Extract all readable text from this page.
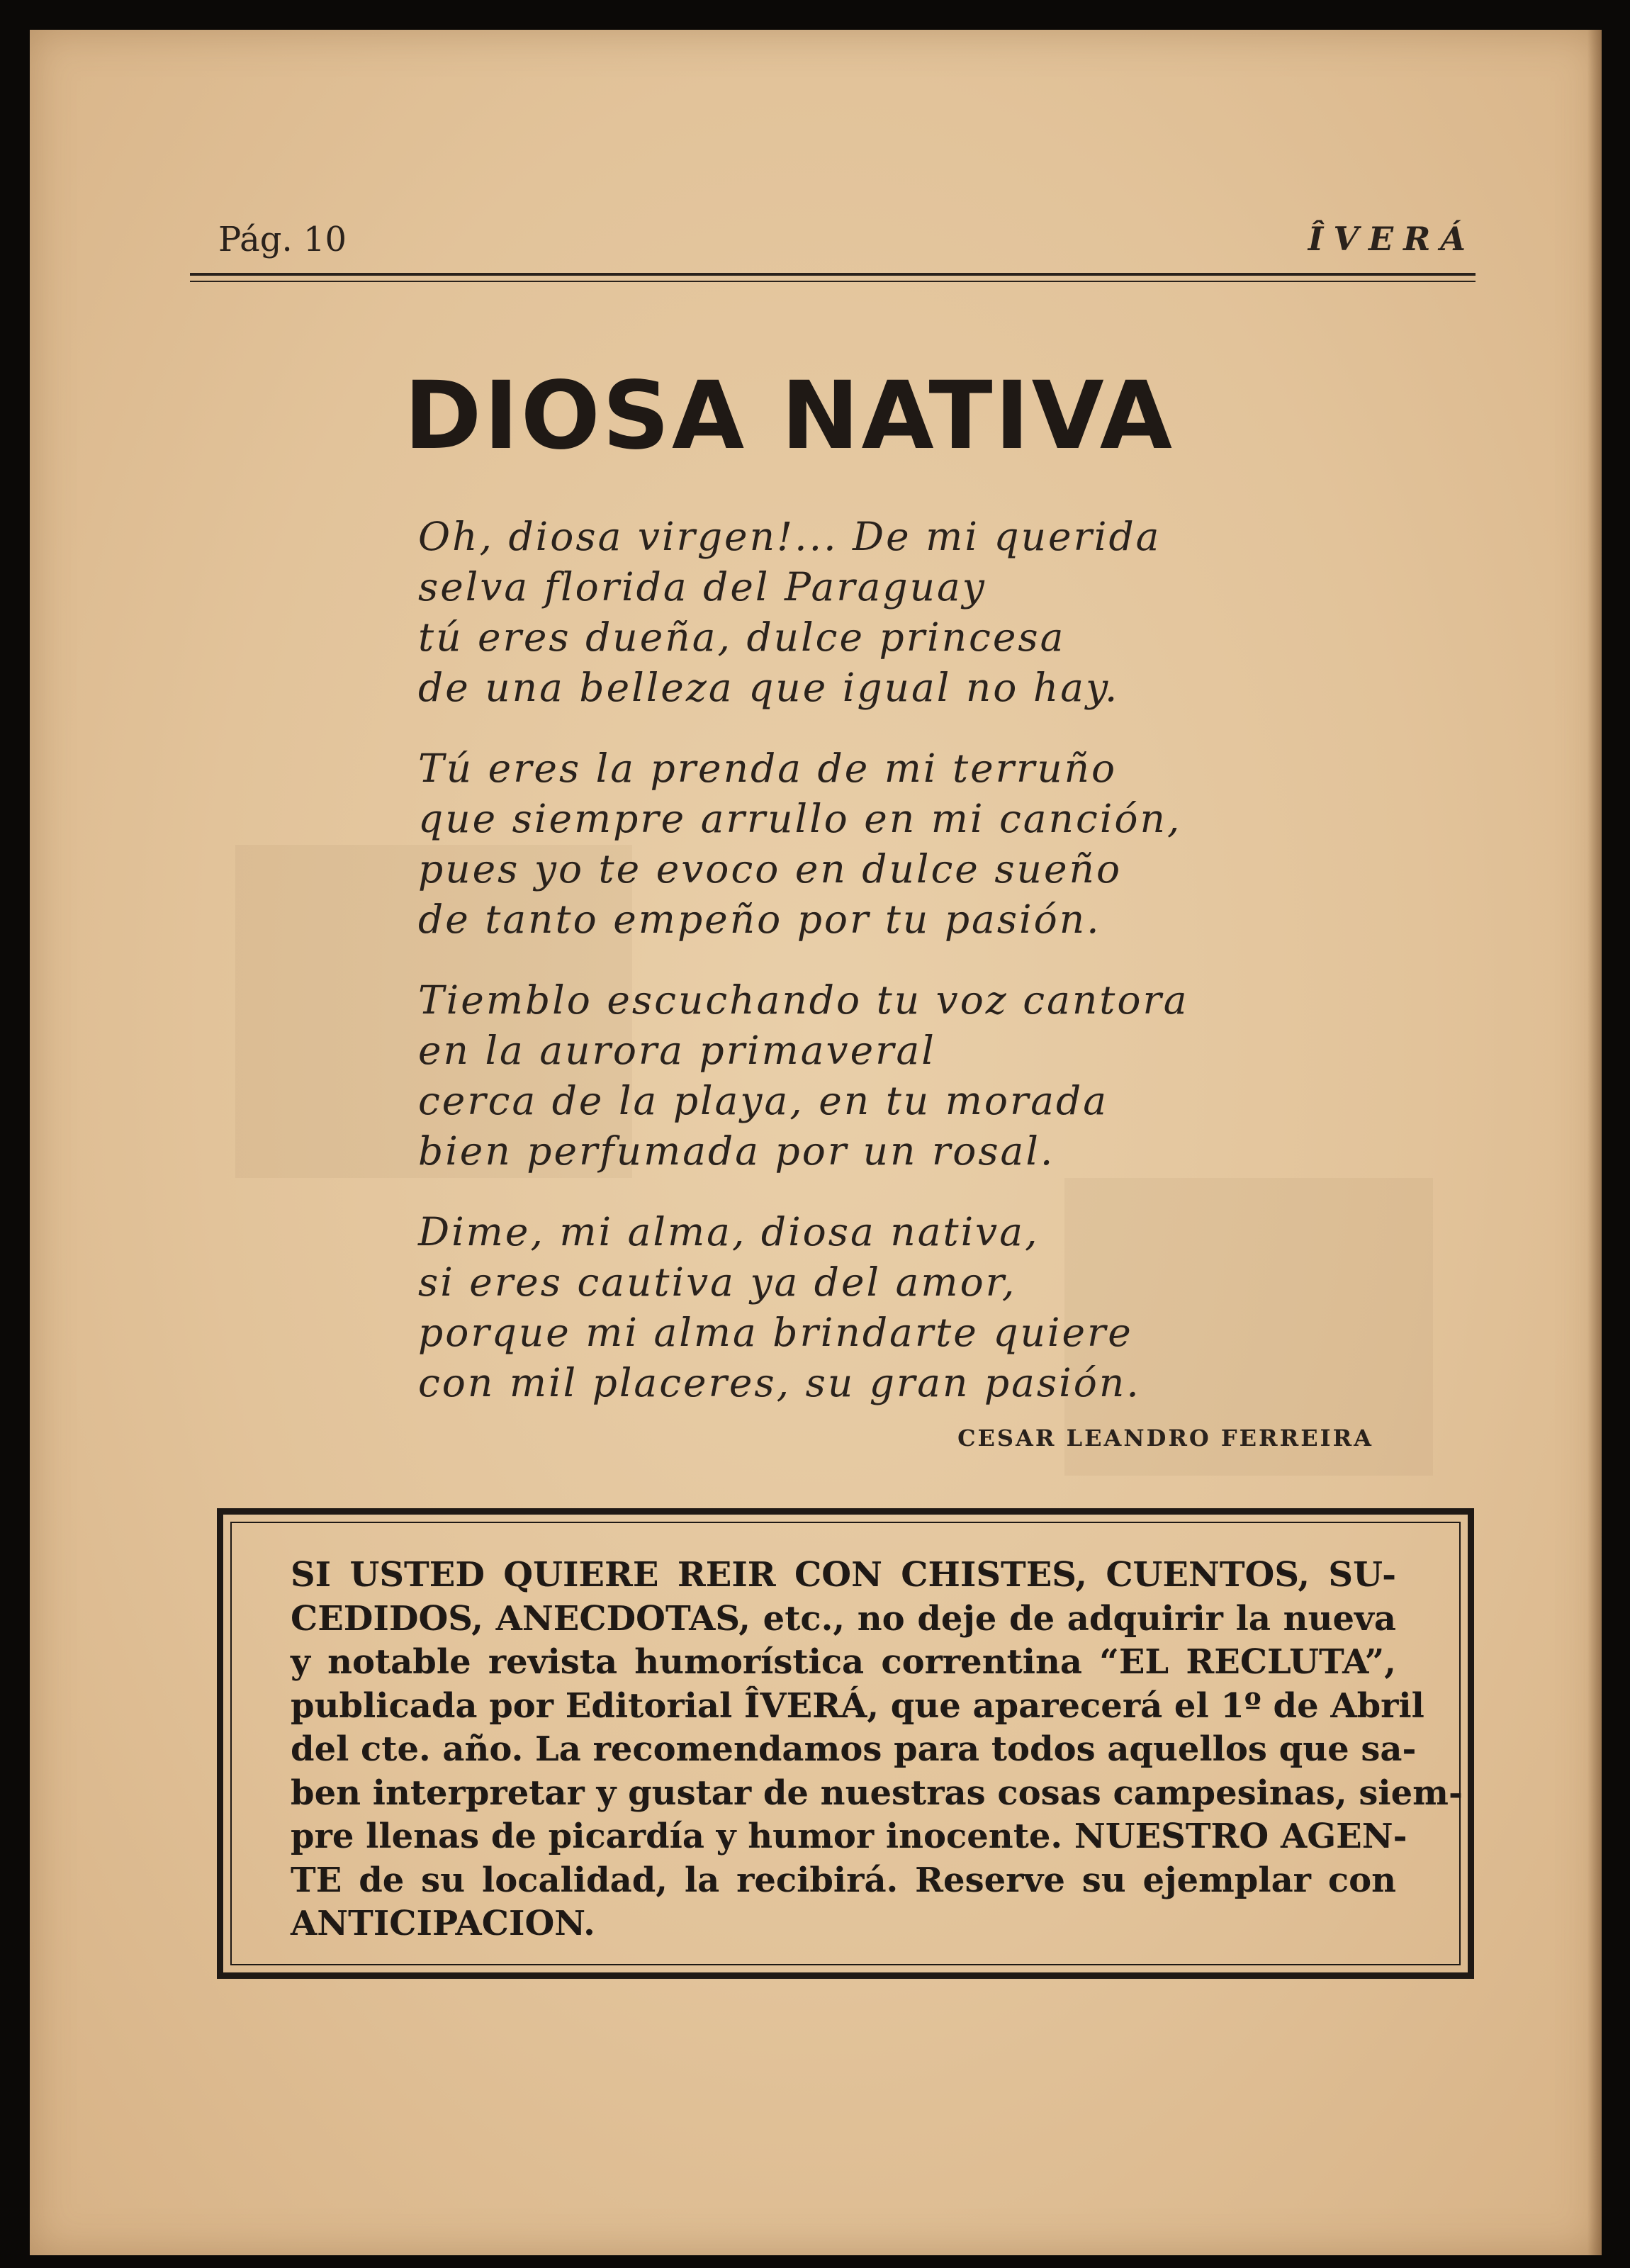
Pág. 10	ÎVERÁ
DIOSA NATIVA
Oh, diosa virgen!... De mi querida
selva florida del Paraguay
tú eres dueña, dulce princesa
de una belleza que igual no hay.
Tú eres la prenda de mi terruño
que siempre arrullo en mi canción,
pues yo te evoco en dulce sueño
de tanto empeño por tu pasión.
Tiemblo escuchando tu voz cantora
en la aurora primaveral
cerca de la playa, en tu morada
bien perfumada por un rosal.
Dime, mi alma, diosa nativa,
si eres cautiva ya del amor,
porque mi alma brindarte quiere
con mil placeres, su gran pasión.
CESAR LEANDRO FERREIRA

SI USTED QUIERE REIR CON CHISTES, CUENTOS, SU-
CEDIDOS, ANECDOTAS, etc., no deje de adquirir la nueva
y notable revista humorística correntina “EL RECLUTA”,
publicada por Editorial ÎVERÁ, que aparecerá el 1º de Abril
del cte. año. La recomendamos para todos aquellos que sa-
ben interpretar y gustar de nuestras cosas campesinas, siem-
pre llenas de picardía y humor inocente. NUESTRO AGEN-
TE de su localidad, la recibirá. Reserve su ejemplar con
ANTICIPACION.
